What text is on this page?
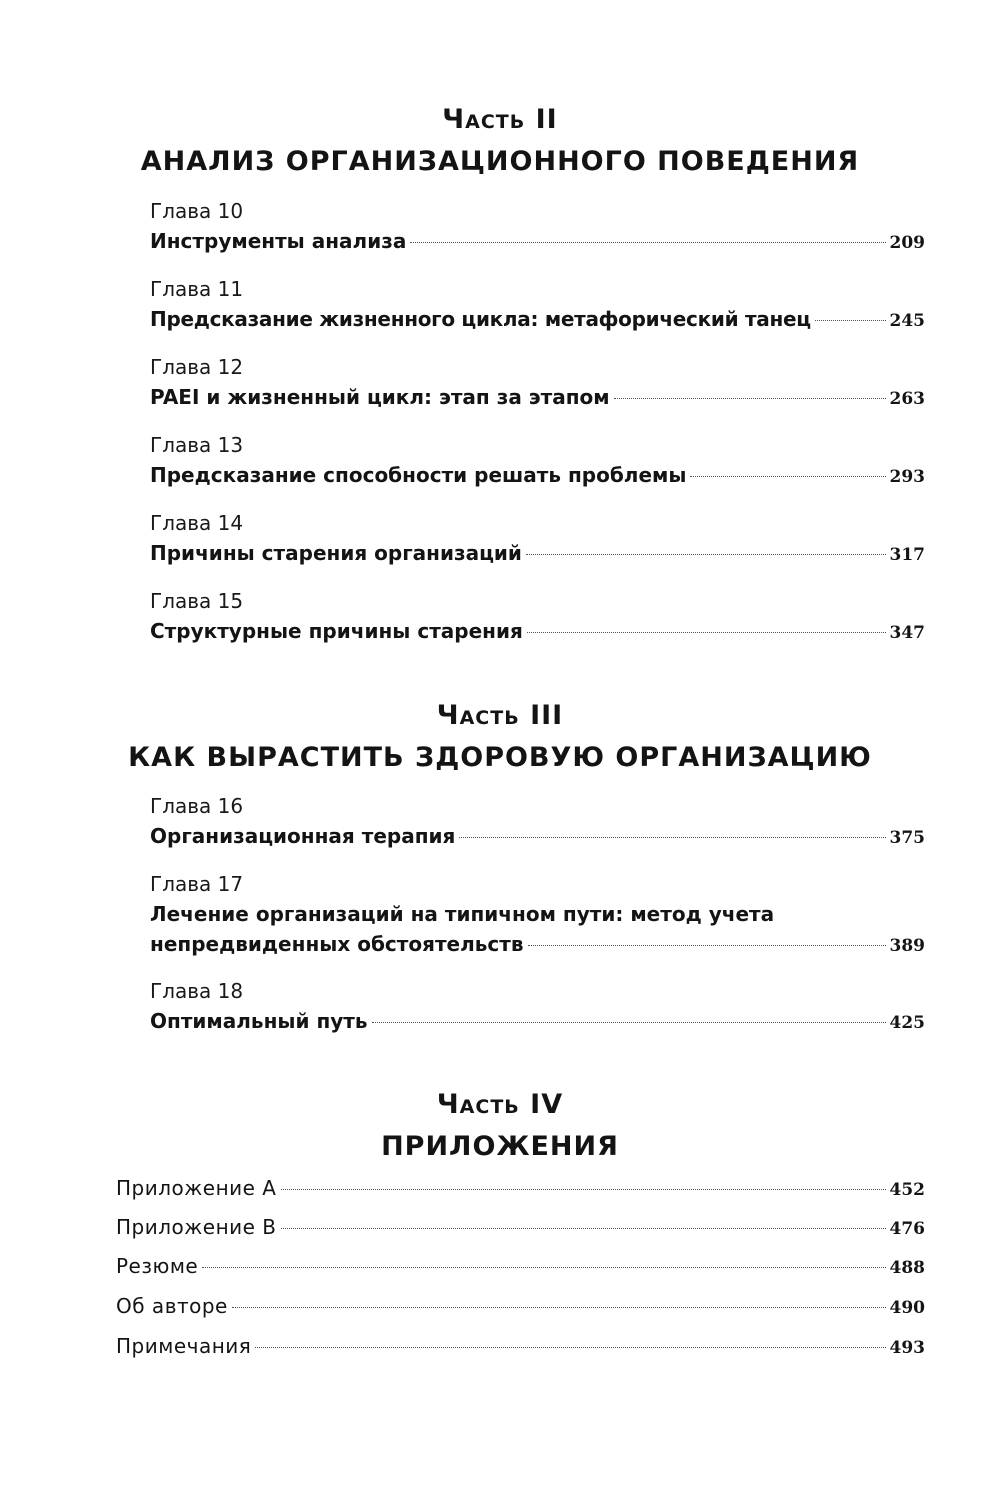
Часть II
АНАЛИЗ ОРГАНИЗАЦИОННОГО ПОВЕДЕНИЯ
Глава 10
Инструменты анализа	209
Глава 11
Предсказание жизненного цикла: метафорический танец	245
Глава 12
PAEI и жизненный цикл: этап за этапом	263
Глава 13
Предсказание способности решать проблемы	293
Глава 14
Причины старения организаций	317
Глава 15
Структурные причины старения	347
Часть III
КАК ВЫРАСТИТЬ ЗДОРОВУЮ ОРГАНИЗАЦИЮ
Глава 16
Организационная терапия	375
Глава 17
Лечение организаций на типичном пути: метод учета
непредвиденных обстоятельств	389
Глава 18
Оптимальный путь	425
Часть IV
ПРИЛОЖЕНИЯ
Приложение А	452
Приложение В	476
Резюме	488
Об авторе	490
Примечания	493
